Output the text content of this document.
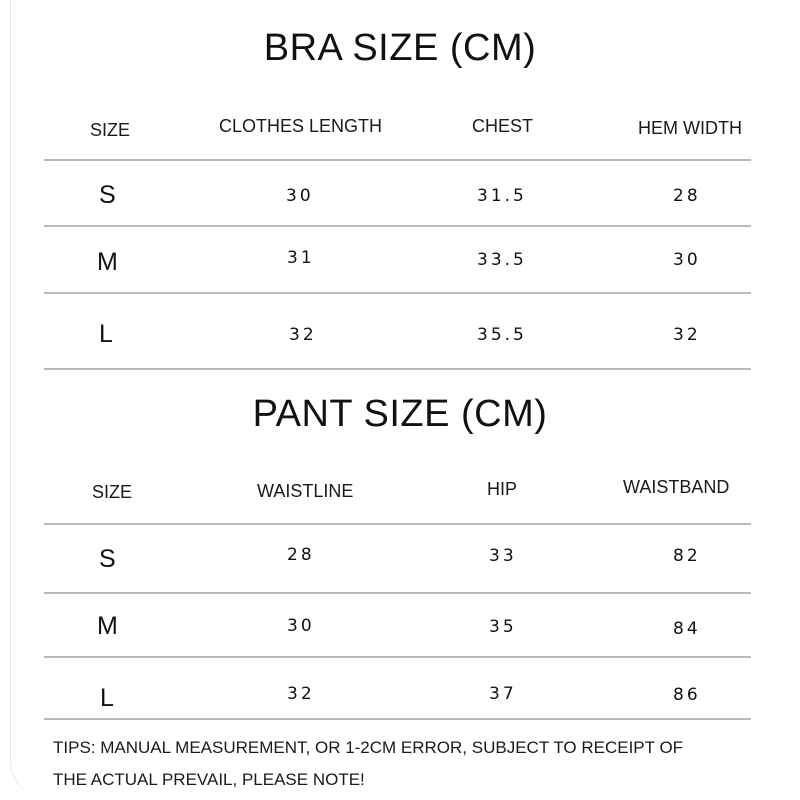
BRA SIZE (CM)
SIZE	CLOTHES LENGTH	CHEST	HEM WIDTH
S	30	31.5	28
M	31	33.5	30
L	32	35.5	32
PANT SIZE (CM)
SIZE	WAISTLINE	HIP	WAISTBAND
S	28	33	82
M	30	35	84
L	32	37	86
TIPS: MANUAL MEASUREMENT, OR 1-2CM ERROR, SUBJECT TO RECEIPT OF
THE ACTUAL PREVAIL, PLEASE NOTE!
